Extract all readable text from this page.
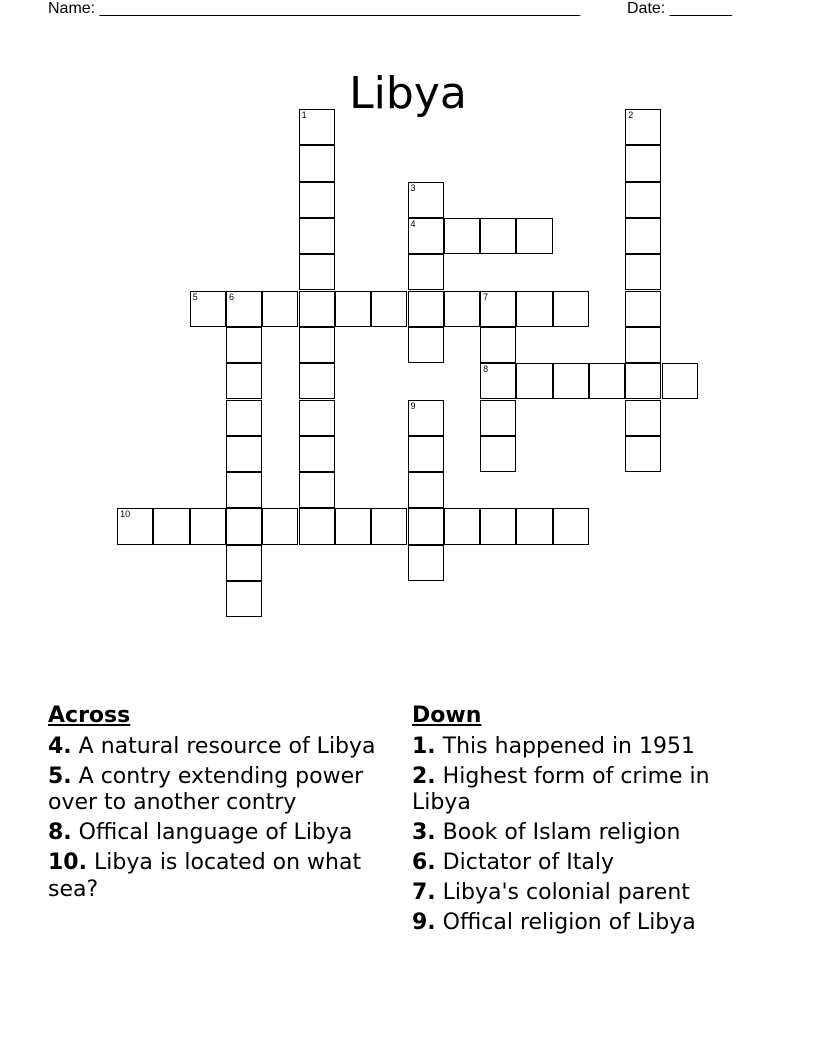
Name: ______________________________________________________	Date: _______
Libya
1	2
3
4
5	6	7
8
9
10
Across
4. A natural resource of Libya
5. A contry extending power over to another contry
8. Offical language of Libya
10. Libya is located on what sea?
Down
1. This happened in 1951
2. Highest form of crime in Libya
3. Book of Islam religion
6. Dictator of Italy
7. Libya's colonial parent
9. Offical religion of Libya
